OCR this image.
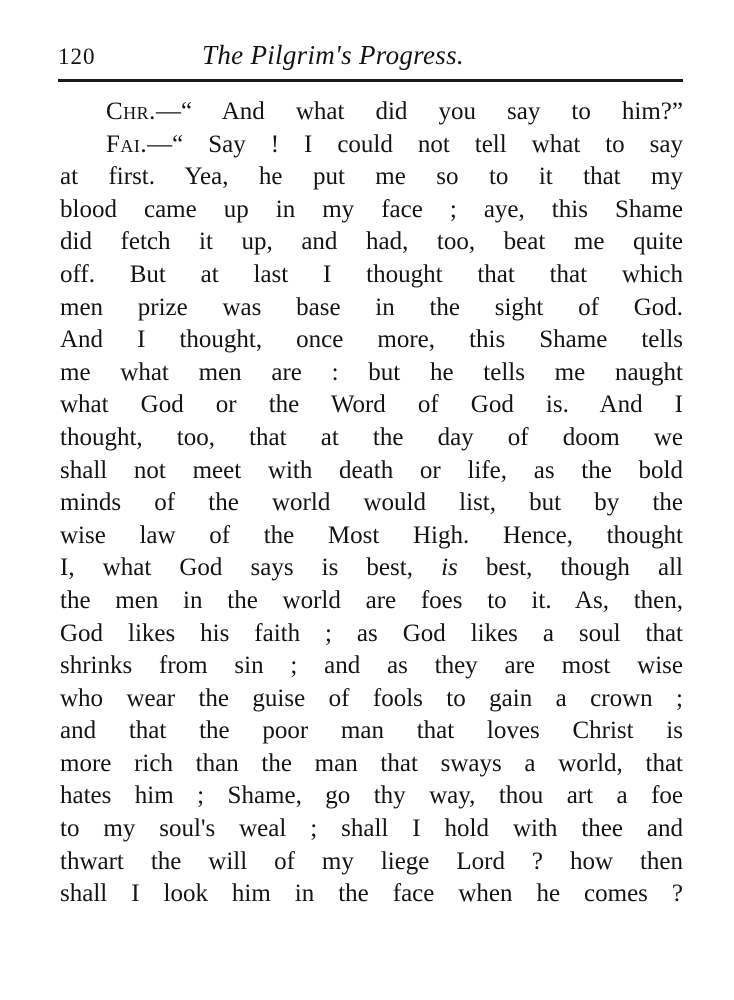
120	The Pilgrim's Progress.
Chr.—“ And what did you say to him?”
Fai.—“ Say ! I could not tell what to say
at first. Yea, he put me so to it that my
blood came up in my face ; aye, this Shame
did fetch it up, and had, too, beat me quite
off. But at last I thought that that which
men prize was base in the sight of God.
And I thought, once more, this Shame tells
me what men are : but he tells me naught
what God or the Word of God is. And I
thought, too, that at the day of doom we
shall not meet with death or life, as the bold
minds of the world would list, but by the
wise law of the Most High. Hence, thought
I, what God says is best, is best, though all
the men in the world are foes to it. As, then,
God likes his faith ; as God likes a soul that
shrinks from sin ; and as they are most wise
who wear the guise of fools to gain a crown ;
and that the poor man that loves Christ is
more rich than the man that sways a world, that
hates him ; Shame, go thy way, thou art a foe
to my soul's weal ; shall I hold with thee and
thwart the will of my liege Lord ? how then
shall I look him in the face when he comes ?
